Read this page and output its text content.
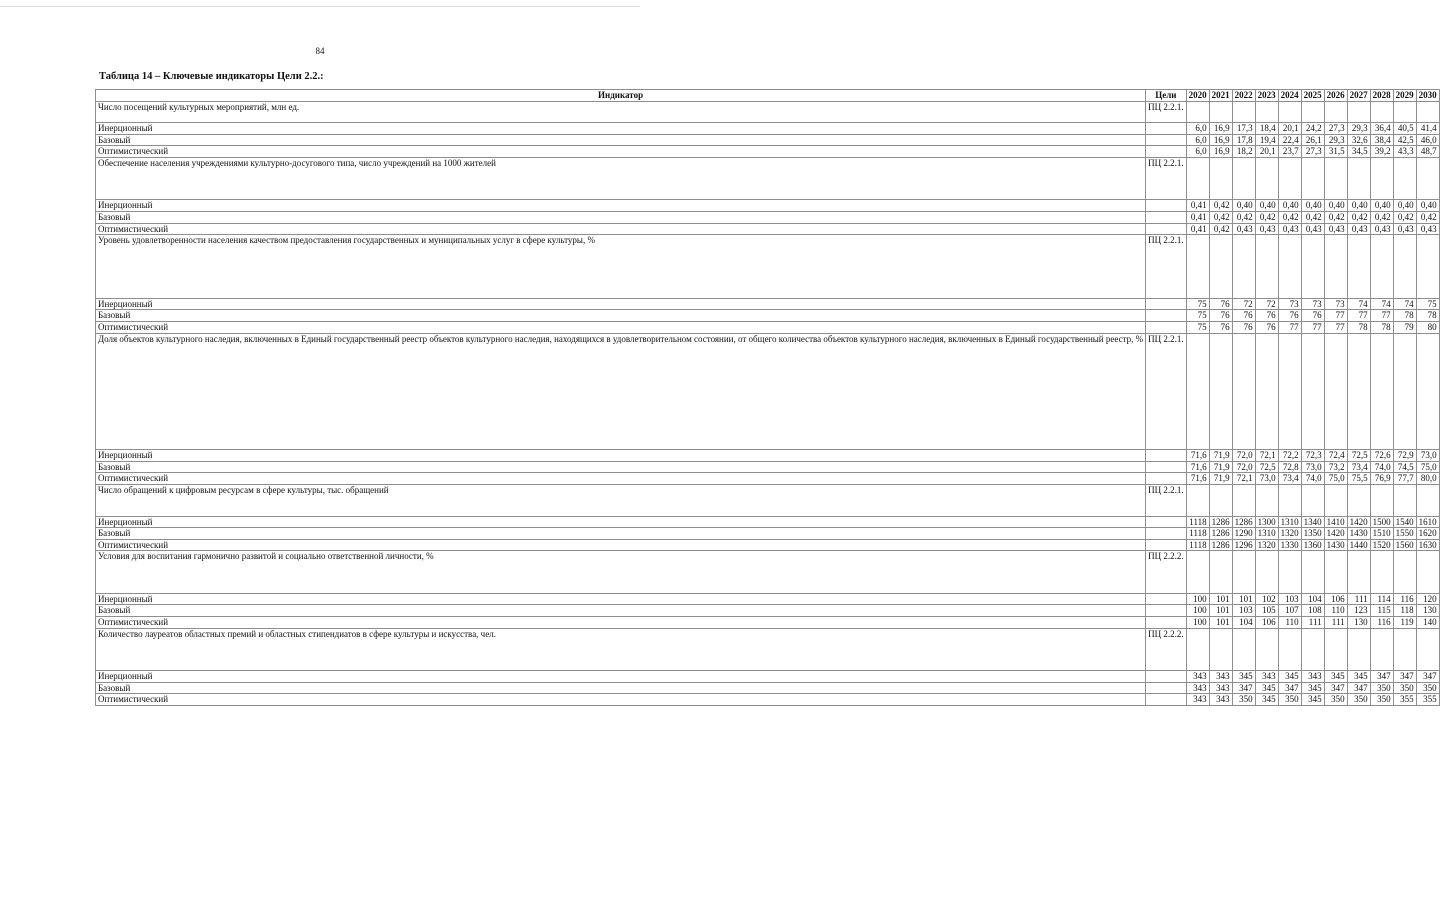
84
Таблица 14 – Ключевые индикаторы Цели 2.2.:
Индикатор	Цели	2020	2021	2022	2023	2024	2025	2026	2027	2028	2029	2030
Число посещений культурных мероприятий, млн ед.	ПЦ 2.2.1.											
Инерционный		6,0	16,9	17,3	18,4	20,1	24,2	27,3	29,3	36,4	40,5	41,4
Базовый		6,0	16,9	17,8	19,4	22,4	26,1	29,3	32,6	38,4	42,5	46,0
Оптимистический		6,0	16,9	18,2	20,1	23,7	27,3	31,5	34,5	39,2	43,3	48,7
Обеспечение населения учреждениями культурно-досугового типа, число учреждений на 1000 жителей	ПЦ 2.2.1.											
Инерционный		0,41	0,42	0,40	0,40	0,40	0,40	0,40	0,40	0,40	0,40	0,40
Базовый		0,41	0,42	0,42	0,42	0,42	0,42	0,42	0,42	0,42	0,42	0,42
Оптимистический		0,41	0,42	0,43	0,43	0,43	0,43	0,43	0,43	0,43	0,43	0,43
Уровень удовлетворенности населения качеством предоставления государственных и муниципальных услуг в сфере культуры, %	ПЦ 2.2.1.											
Инерционный		75	76	72	72	73	73	73	74	74	74	75
Базовый		75	76	76	76	76	76	77	77	77	78	78
Оптимистический		75	76	76	76	77	77	77	78	78	79	80
Доля объектов культурного наследия, включенных в Единый государственный реестр объектов культурного наследия, находящихся в удовлетворительном состоянии, от общего количества объектов культурного наследия, включенных в Единый государственный реестр, %	ПЦ 2.2.1.											
Инерционный		71,6	71,9	72,0	72,1	72,2	72,3	72,4	72,5	72,6	72,9	73,0
Базовый		71,6	71,9	72,0	72,5	72,8	73,0	73,2	73,4	74,0	74,5	75,0
Оптимистический		71,6	71,9	72,1	73,0	73,4	74,0	75,0	75,5	76,9	77,7	80,0
Число обращений к цифровым ресурсам в сфере культуры, тыс. обращений	ПЦ 2.2.1.											
Инерционный		1118	1286	1286	1300	1310	1340	1410	1420	1500	1540	1610
Базовый		1118	1286	1290	1310	1320	1350	1420	1430	1510	1550	1620
Оптимистический		1118	1286	1296	1320	1330	1360	1430	1440	1520	1560	1630
Условия для воспитания гармонично развитой и социально ответственной личности, %	ПЦ 2.2.2.											
Инерционный		100	101	101	102	103	104	106	111	114	116	120
Базовый		100	101	103	105	107	108	110	123	115	118	130
Оптимистический		100	101	104	106	110	111	111	130	116	119	140
Количество лауреатов областных премий и областных стипендиатов в сфере культуры и искусства, чел.	ПЦ 2.2.2.											
Инерционный		343	343	345	343	345	343	345	345	347	347	347
Базовый		343	343	347	345	347	345	347	347	350	350	350
Оптимистический		343	343	350	345	350	345	350	350	350	355	355
